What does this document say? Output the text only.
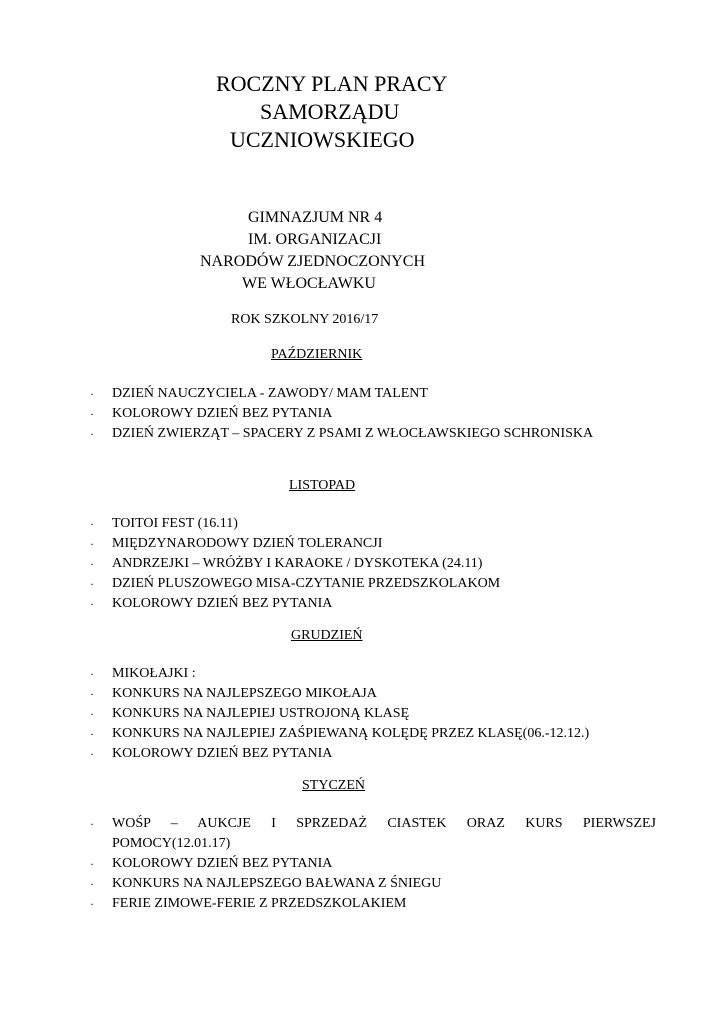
ROCZNY PLAN PRACY
SAMORZĄDU
UCZNIOWSKIEGO
GIMNAZJUM NR 4
IM. ORGANIZACJI
NARODÓW ZJEDNOCZONYCH
WE WŁOCŁAWKU
ROK SZKOLNY 2016/17
PAŹDZIERNIK
· DZIEŃ NAUCZYCIELA - ZAWODY/ MAM TALENT
· KOLOROWY DZIEŃ BEZ PYTANIA
· DZIEŃ ZWIERZĄT – SPACERY Z PSAMI Z WŁOCŁAWSKIEGO SCHRONISKA
LISTOPAD
· TOITOI FEST (16.11)
· MIĘDZYNARODOWY DZIEŃ TOLERANCJI
· ANDRZEJKI – WRÓŻBY I KARAOKE / DYSKOTEKA (24.11)
· DZIEŃ PLUSZOWEGO MISA-CZYTANIE PRZEDSZKOLAKOM
· KOLOROWY DZIEŃ BEZ PYTANIA
GRUDZIEŃ
· MIKOŁAJKI :
· KONKURS NA NAJLEPSZEGO MIKOŁAJA
· KONKURS NA NAJLEPIEJ USTROJONĄ KLASĘ
· KONKURS NA NAJLEPIEJ ZAŚPIEWANĄ KOLĘDĘ PRZEZ KLASĘ(06.-12.12.)
· KOLOROWY DZIEŃ BEZ PYTANIA
STYCZEŃ
· WOŚP – AUKCJE I SPRZEDAŻ CIASTEK ORAZ KURS PIERWSZEJ
POMOCY(12.01.17)
· KOLOROWY DZIEŃ BEZ PYTANIA
· KONKURS NA NAJLEPSZEGO BAŁWANA Z ŚNIEGU
· FERIE ZIMOWE-FERIE Z PRZEDSZKOLAKIEM
